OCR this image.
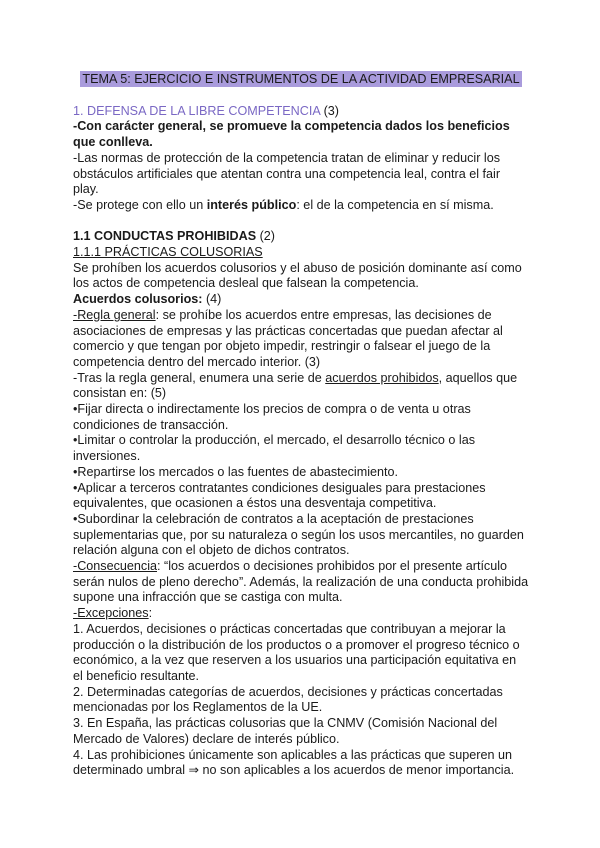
TEMA 5: EJERCICIO E INSTRUMENTOS DE LA ACTIVIDAD EMPRESARIAL

1. DEFENSA DE LA LIBRE COMPETENCIA (3)

-Con carácter general, se promueve la competencia dados los beneficios que conlleva.

-Las normas de protección de la competencia tratan de eliminar y reducir los obstáculos artificiales que atentan contra una competencia leal, contra el fair play.

-Se protege con ello un interés público: el de la competencia en sí misma.

1.1 CONDUCTAS PROHIBIDAS (2)

1.1.1 PRÁCTICAS COLUSORIAS

Se prohíben los acuerdos colusorios y el abuso de posición dominante así como los actos de competencia desleal que falsean la competencia.

Acuerdos colusorios: (4)

-Regla general: se prohíbe los acuerdos entre empresas, las decisiones de asociaciones de empresas y las prácticas concertadas que puedan afectar al comercio y que tengan por objeto impedir, restringir o falsear el juego de la competencia dentro del mercado interior. (3)

-Tras la regla general, enumera una serie de acuerdos prohibidos, aquellos que consistan en: (5)

•Fijar directa o indirectamente los precios de compra o de venta u otras condiciones de transacción.

•Limitar o controlar la producción, el mercado, el desarrollo técnico o las inversiones.

•Repartirse los mercados o las fuentes de abastecimiento.

•Aplicar a terceros contratantes condiciones desiguales para prestaciones equivalentes, que ocasionen a éstos una desventaja competitiva.

•Subordinar la celebración de contratos a la aceptación de prestaciones suplementarias que, por su naturaleza o según los usos mercantiles, no guarden relación alguna con el objeto de dichos contratos.

-Consecuencia: “los acuerdos o decisiones prohibidos por el presente artículo serán nulos de pleno derecho”. Además, la realización de una conducta prohibida supone una infracción que se castiga con multa.

-Excepciones:

1. Acuerdos, decisiones o prácticas concertadas que contribuyan a mejorar la producción o la distribución de los productos o a promover el progreso técnico o económico, a la vez que reserven a los usuarios una participación equitativa en el beneficio resultante.

2. Determinadas categorías de acuerdos, decisiones y prácticas concertadas mencionadas por los Reglamentos de la UE.

3. En España, las prácticas colusorias que la CNMV (Comisión Nacional del Mercado de Valores) declare de interés público.

4. Las prohibiciones únicamente son aplicables a las prácticas que superen un determinado umbral ⇒ no son aplicables a los acuerdos de menor importancia.
